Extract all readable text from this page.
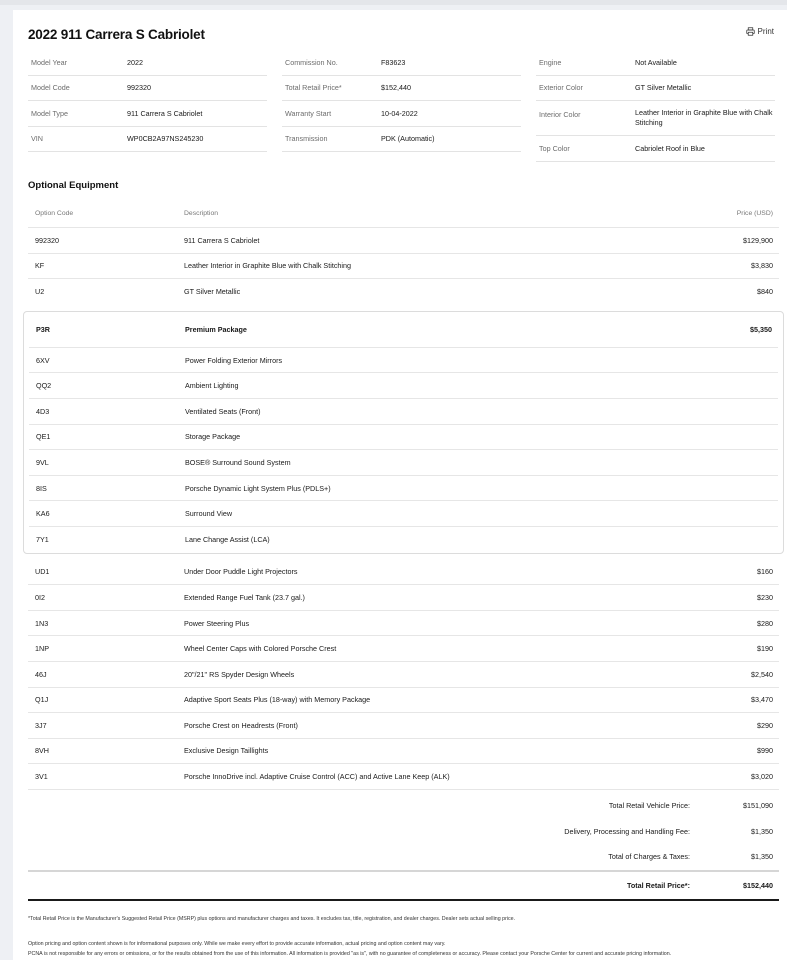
2022 911 Carrera S Cabriolet	Print
Model Year	2022
Model Code	992320
Model Type	911 Carrera S Cabriolet
VIN	WP0CB2A97NS245230
Commission No.	F83623
Total Retail Price*	$152,440
Warranty Start	10-04-2022
Transmission	PDK (Automatic)
Engine	Not Available
Exterior Color	GT Silver Metallic
Interior Color	Leather Interior in Graphite Blue with Chalk Stitching
Top Color	Cabriolet Roof in Blue
Optional Equipment
Option Code	Description	Price (USD)
992320	911 Carrera S Cabriolet	$129,900
KF	Leather Interior in Graphite Blue with Chalk Stitching	$3,830
U2	GT Silver Metallic	$840
P3R	Premium Package	$5,350
6XV	Power Folding Exterior Mirrors
QQ2	Ambient Lighting
4D3	Ventilated Seats (Front)
QE1	Storage Package
9VL	BOSE® Surround Sound System
8IS	Porsche Dynamic Light System Plus (PDLS+)
KA6	Surround View
7Y1	Lane Change Assist (LCA)
UD1	Under Door Puddle Light Projectors	$160
0I2	Extended Range Fuel Tank (23.7 gal.)	$230
1N3	Power Steering Plus	$280
1NP	Wheel Center Caps with Colored Porsche Crest	$190
46J	20"/21" RS Spyder Design Wheels	$2,540
Q1J	Adaptive Sport Seats Plus (18-way) with Memory Package	$3,470
3J7	Porsche Crest on Headrests (Front)	$290
8VH	Exclusive Design Taillights	$990
3V1	Porsche InnoDrive incl. Adaptive Cruise Control (ACC) and Active Lane Keep (ALK)	$3,020
Total Retail Vehicle Price:	$151,090
Delivery, Processing and Handling Fee:	$1,350
Total of Charges & Taxes:	$1,350
Total Retail Price*:	$152,440
*Total Retail Price is the Manufacturer's Suggested Retail Price (MSRP) plus options and manufacturer charges and taxes. It excludes tax, title, registration, and dealer charges. Dealer sets actual selling price.
Option pricing and option content shown is for informational purposes only. While we make every effort to provide accurate information, actual pricing and option content may vary.
PCNA is not responsible for any errors or omissions, or for the results obtained from the use of this information. All information is provided "as is", with no guarantee of completeness or accuracy. Please contact your Porsche Center for current and accurate pricing information.
